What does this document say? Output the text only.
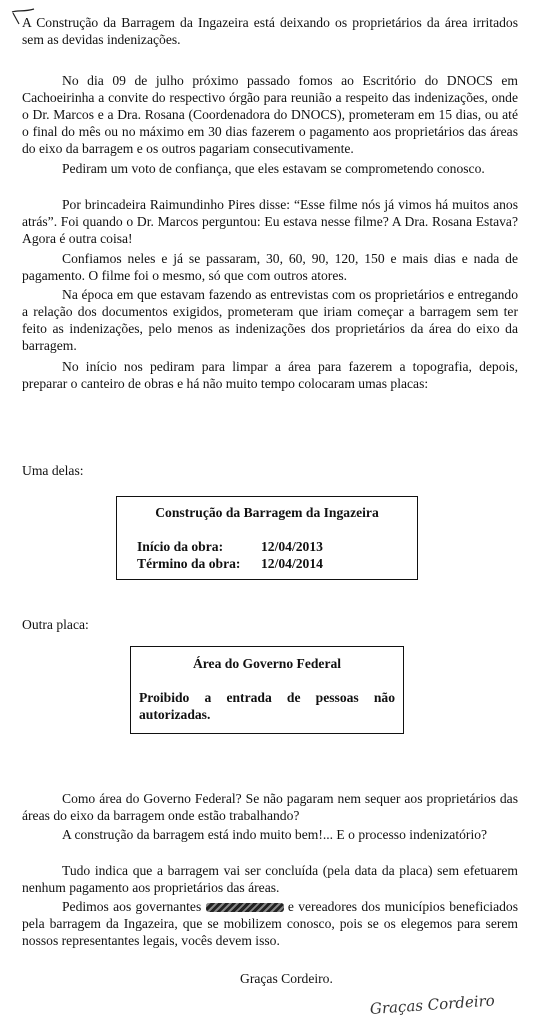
A Construção da Barragem da Ingazeira está deixando os proprietários da área irritados sem as devidas indenizações.

No dia 09 de julho próximo passado fomos ao Escritório do DNOCS em Cachoeirinha a convite do respectivo órgão para reunião a respeito das indenizações, onde o Dr. Marcos e a Dra. Rosana (Coordenadora do DNOCS), prometeram em 15 dias, ou até o final do mês ou no máximo em 30 dias fazerem o pagamento aos proprietários das áreas do eixo da barragem e os outros pagariam consecutivamente.

Pediram um voto de confiança, que eles estavam se comprometendo conosco.

Por brincadeira Raimundinho Pires disse: “Esse filme nós já vimos há muitos anos atrás”. Foi quando o Dr. Marcos perguntou: Eu estava nesse filme? A Dra. Rosana Estava? Agora é outra coisa!

Confiamos neles e já se passaram, 30, 60, 90, 120, 150 e mais dias e nada de pagamento. O filme foi o mesmo, só que com outros atores.

Na época em que estavam fazendo as entrevistas com os proprietários e entregando a relação dos documentos exigidos, prometeram que iriam começar a barragem sem ter feito as indenizações, pelo menos as indenizações dos proprietários da área do eixo da barragem.

No início nos pediram para limpar a área para fazerem a topografia, depois, preparar o canteiro de obras e há não muito tempo colocaram umas placas:

Uma delas:

Construção da Barragem da Ingazeira
Início da obra:	12/04/2013
Término da obra: 12/04/2014

Outra placa:

Área do Governo Federal
Proibido a entrada de pessoas não autorizadas.

Como área do Governo Federal? Se não pagaram nem sequer aos proprietários das áreas do eixo da barragem onde estão trabalhando?

A construção da barragem está indo muito bem!... E o processo indenizatório?

Tudo indica que a barragem vai ser concluída (pela data da placa) sem efetuarem nenhum pagamento aos proprietários das áreas.

Pedimos aos governantes	e vereadores dos municípios beneficiados pela barragem da Ingazeira, que se mobilizem conosco, pois se os elegemos para serem nossos representantes legais, vocês devem isso.

Graças Cordeiro.
Graças Cordeiro
